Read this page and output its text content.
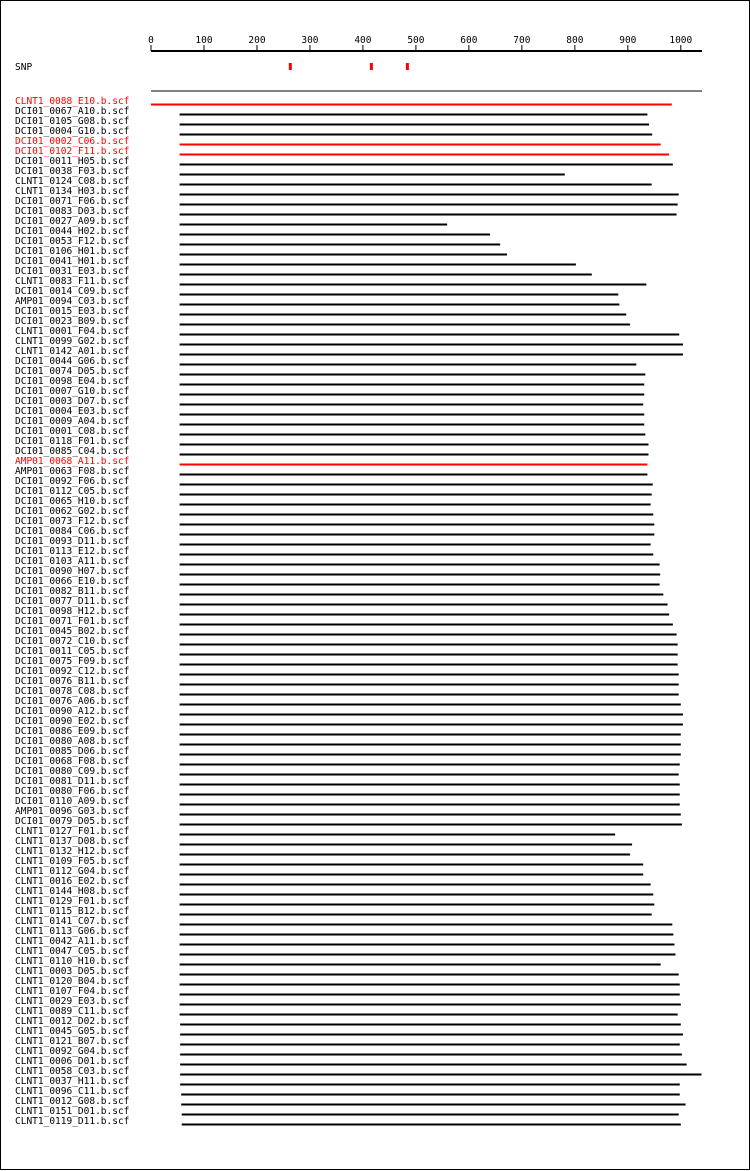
0	100	200	300	400	500	600	700	800	900	1000
SNP
CLNT1_0088_E10.b.scf
DCI01_0067_A10.b.scf
DCI01_0105_G08.b.scf
DCI01_0004_G10.b.scf
DCI01_0002_C06.b.scf
DCI01_0102_F11.b.scf
DCI01_0011_H05.b.scf
DCI01_0038_F03.b.scf
CLNT1_0124_C08.b.scf
CLNT1_0134_H03.b.scf
DCI01_0071_F06.b.scf
DCI01_0083_D03.b.scf
DCI01_0027_A09.b.scf
DCI01_0044_H02.b.scf
DCI01_0053_F12.b.scf
DCI01_0106_H01.b.scf
DCI01_0041_H01.b.scf
DCI01_0031_E03.b.scf
CLNT1_0083_F11.b.scf
DCI01_0014_C09.b.scf
AMP01_0094_C03.b.scf
DCI01_0015_E03.b.scf
DCI01_0023_B09.b.scf
CLNT1_0001_F04.b.scf
CLNT1_0099_G02.b.scf
CLNT1_0142_A01.b.scf
DCI01_0044_G06.b.scf
DCI01_0074_D05.b.scf
DCI01_0098_E04.b.scf
DCI01_0007_G10.b.scf
DCI01_0003_D07.b.scf
DCI01_0004_E03.b.scf
DCI01_0009_A04.b.scf
DCI01_0001_C08.b.scf
DCI01_0118_F01.b.scf
DCI01_0085_C04.b.scf
AMP01_0068_A11.b.scf
AMP01_0063_F08.b.scf
DCI01_0092_F06.b.scf
DCI01_0112_C05.b.scf
DCI01_0065_H10.b.scf
DCI01_0062_G02.b.scf
DCI01_0073_F12.b.scf
DCI01_0084_C06.b.scf
DCI01_0093_D11.b.scf
DCI01_0113_E12.b.scf
DCI01_0103_A11.b.scf
DCI01_0090_H07.b.scf
DCI01_0066_E10.b.scf
DCI01_0082_B11.b.scf
DCI01_0077_D11.b.scf
DCI01_0098_H12.b.scf
DCI01_0071_F01.b.scf
DCI01_0045_B02.b.scf
DCI01_0072_C10.b.scf
DCI01_0011_C05.b.scf
DCI01_0075_F09.b.scf
DCI01_0092_C12.b.scf
DCI01_0076_B11.b.scf
DCI01_0078_C08.b.scf
DCI01_0076_A06.b.scf
DCI01_0090_A12.b.scf
DCI01_0090_E02.b.scf
DCI01_0086_E09.b.scf
DCI01_0080_A08.b.scf
DCI01_0085_D06.b.scf
DCI01_0068_F08.b.scf
DCI01_0080_C09.b.scf
DCI01_0081_D11.b.scf
DCI01_0080_F06.b.scf
DCI01_0110_A09.b.scf
AMP01_0096_G03.b.scf
DCI01_0079_D05.b.scf
CLNT1_0127_F01.b.scf
CLNT1_0137_D08.b.scf
CLNT1_0132_H12.b.scf
CLNT1_0109_F05.b.scf
CLNT1_0112_G04.b.scf
CLNT1_0016_E02.b.scf
CLNT1_0144_H08.b.scf
CLNT1_0129_F01.b.scf
CLNT1_0115_B12.b.scf
CLNT1_0141_C07.b.scf
CLNT1_0113_G06.b.scf
CLNT1_0042_A11.b.scf
CLNT1_0047_C05.b.scf
CLNT1_0110_H10.b.scf
CLNT1_0003_D05.b.scf
CLNT1_0120_B04.b.scf
CLNT1_0107_F04.b.scf
CLNT1_0029_E03.b.scf
CLNT1_0089_C11.b.scf
CLNT1_0012_D02.b.scf
CLNT1_0045_G05.b.scf
CLNT1_0121_B07.b.scf
CLNT1_0092_G04.b.scf
CLNT1_0006_D01.b.scf
CLNT1_0058_C03.b.scf
CLNT1_0037_H11.b.scf
CLNT1_0096_C11.b.scf
CLNT1_0012_G08.b.scf
CLNT1_0151_D01.b.scf
CLNT1_0119_D11.b.scf
